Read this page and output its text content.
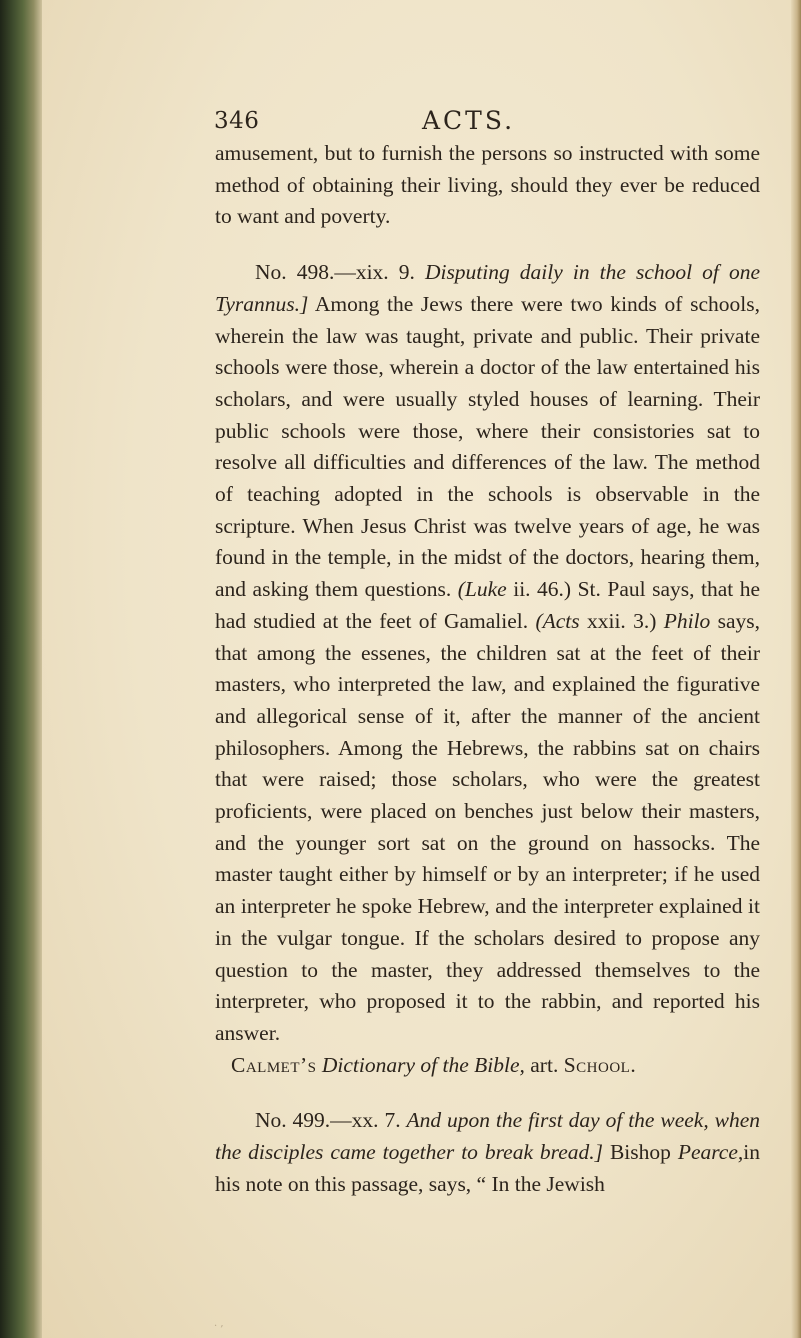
346	ACTS.

amusement, but to furnish the persons so instructed with some method of obtaining their living, should they ever be reduced to want and poverty.

No. 498.—xix. 9. Disputing daily in the school of one Tyrannus.] Among the Jews there were two kinds of schools, wherein the law was taught, private and public. Their private schools were those, wherein a doctor of the law entertained his scholars, and were usually styled houses of learning. Their public schools were those, where their consistories sat to resolve all difficulties and differences of the law. The method of teaching adopted in the schools is observable in the scripture. When Jesus Christ was twelve years of age, he was found in the temple, in the midst of the doctors, hearing them, and asking them questions. (Luke ii. 46.) St. Paul says, that he had studied at the feet of Gamaliel. (Acts xxii. 3.) Philo says, that among the essenes, the children sat at the feet of their masters, who interpreted the law, and explained the figurative and allegorical sense of it, after the manner of the ancient philosophers. Among the Hebrews, the rabbins sat on chairs that were raised; those scholars, who were the greatest proficients, were placed on benches just below their masters, and the younger sort sat on the ground on hassocks. The master taught either by himself or by an interpreter; if he used an interpreter he spoke Hebrew, and the interpreter explained it in the vulgar tongue. If the scholars desired to propose any question to the master, they addressed themselves to the interpreter, who proposed it to the rabbin, and reported his answer.

Calmet’s Dictionary of the Bible, art. School.

No. 499.—xx. 7. And upon the first day of the week, when the disciples came together to break bread.] Bishop Pearce,in his note on this passage, says, “ In the Jewish

. ,
